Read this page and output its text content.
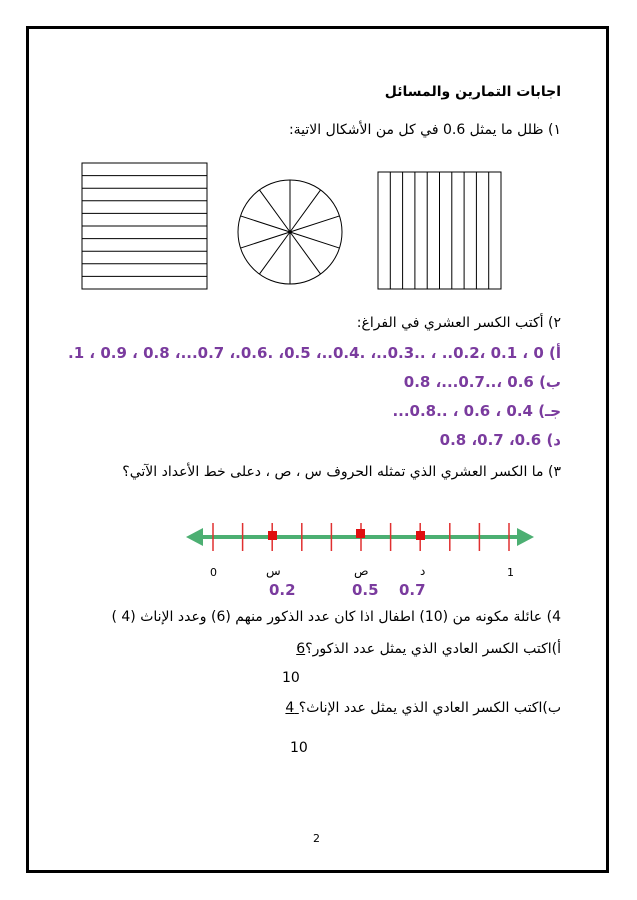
اجابات التمارين والمسائل
١) ظلل ما يمثل 0.6 في كل من الأشكال الاتية:
٢) أكتب الكسر العشري في الفراغ:
أ) 0 ، 0.1 ،0.2.. ، ..0.3..، .0.4..، 0.5، .0.6.، 0.7...، 0.8 ، 0.9 ، 1.
ب) 0.6 ،..0.7...، 0.8
جـ) 0.4 ، 0.6 ، ..0.8...
د) 0.6، 0.7، 0.8
٣) ما الكسر العشري الذي تمثله الحروف س ، ص ، دعلى خط الأعداد الآتي؟
0	س	ص	د	1
0.2	0.5 0.7
4) عائلة مكونه من (10) اطفال اذا كان عدد الذكور منهم (6) وعدد الإناث (4 )
أ)اكتب الكسر العادي الذي يمثل عدد الذكور؟6
10
ب)اكتب الكسر العادي الذي يمثل عدد الإناث؟ 4
10
2
